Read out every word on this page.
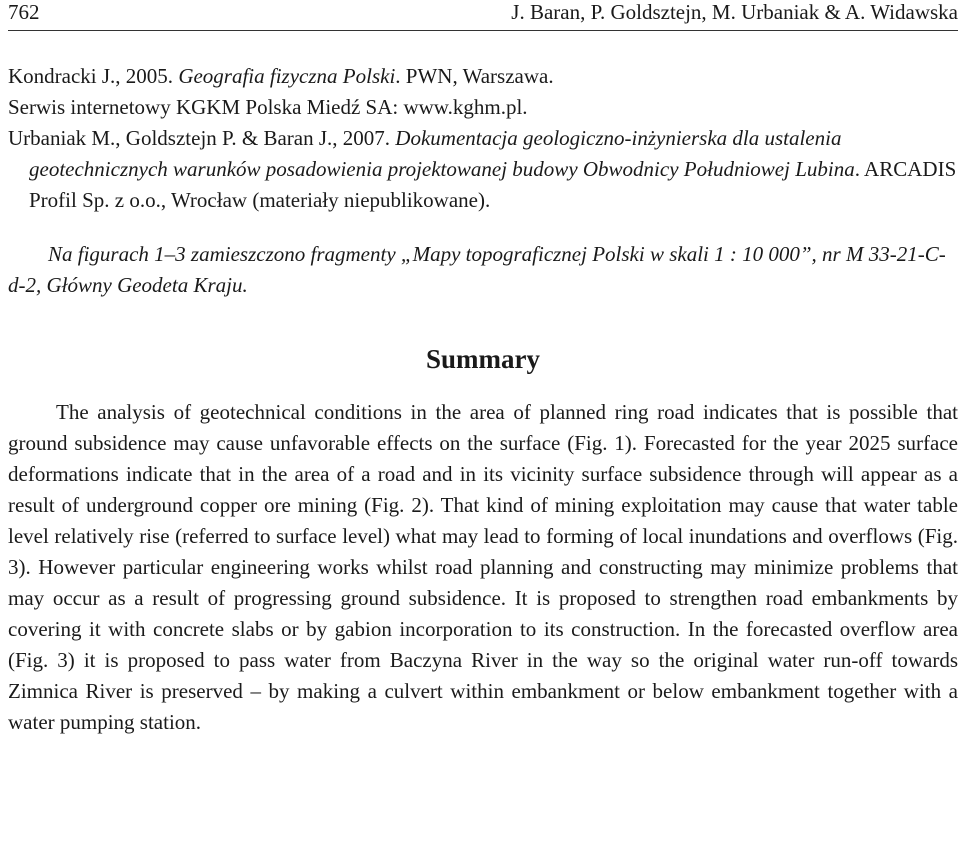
762	J. Baran, P. Goldsztejn, M. Urbaniak & A. Widawska

Kondracki J., 2005. Geografia fizyczna Polski. PWN, Warszawa.

Serwis internetowy KGKM Polska Miedź SA: www.kghm.pl.

Urbaniak M., Goldsztejn P. & Baran J., 2007. Dokumentacja geologiczno-inżynierska dla ustalenia geotechnicznych warunków posadowienia projektowanej budowy Obwodnicy Południowej Lubina. ARCADIS Profil Sp. z o.o., Wrocław (materiały niepublikowane).

Na figurach 1–3 zamieszczono fragmenty „Mapy topograficznej Polski w skali 1 : 10 000”, nr M 33-21-C-d-2, Główny Geodeta Kraju.

Summary

The analysis of geotechnical conditions in the area of planned ring road indicates that is possible that ground subsidence may cause unfavorable effects on the surface (Fig. 1). Forecasted for the year 2025 surface deformations indicate that in the area of a road and in its vicinity surface subsidence through will appear as a result of underground copper ore mining (Fig. 2). That kind of mining exploitation may cause that water table level relatively rise (referred to surface level) what may lead to forming of local inundations and overflows (Fig. 3). However particular engineering works whilst road planning and constructing may minimize problems that may occur as a result of progressing ground subsidence. It is proposed to strengthen road embankments by covering it with concrete slabs or by gabion incorporation to its construction. In the forecasted overflow area (Fig. 3) it is proposed to pass water from Baczyna River in the way so the original water run-off towards Zimnica River is preserved – by making a culvert within embankment or below embankment together with a water pumping station.
